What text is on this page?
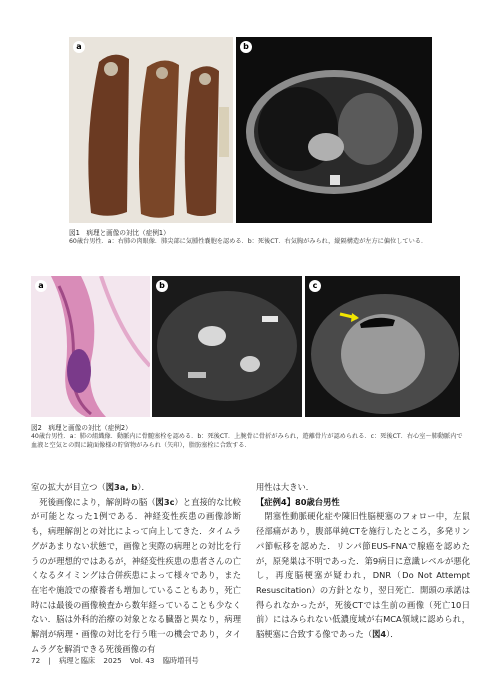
a	b
図1　病理と画像の対比（症例1）
60歳台男性．a：右肺の肉眼像．肺尖部に気腫性嚢胞を認める．b：死後CT．右気胸がみられ，縦隔構造が左方に偏位している．
a	b	c
図2　病理と画像の対比（症例2）
40歳台男性．a：肺の組織像．動脈内に骨髄塞栓を認める．b：死後CT．上腕骨に骨折がみられ，遊離骨片が認められる．c：死後CT．右心室〜肺動脈内で血液と空気との間に鏡面像様の貯留物がみられ（矢印），脂肪塞栓に合致する．

室の拡大が目立つ（図3a, b）．

死後画像により，解剖時の脳（図3c）と直接的な比較が可能となった1例である．神経変性疾患の画像診断も，病理解剖との対比によって向上してきた．タイムラグがあまりない状態で，画像と実際の病理との対比を行うのが理想的ではあるが，神経変性疾患の患者さんの亡くなるタイミングは合併疾患によって様々であり，また在宅や施設での療養者も増加していることもあり，死亡時には最後の画像検査から数年経っていることも少なくない．脳は外科的治療の対象となる臓器と異なり，病理解剖が病理・画像の対比を行う唯一の機会であり，タイムラグを解消できる死後画像の有

用性は大きい．

【症例4】80歳台男性

閉塞性動脈硬化症や陳旧性脳梗塞のフォロー中，左鼠径部痛があり，腹部単純CTを施行したところ，多発リンパ節転移を認めた．リンパ節EUS-FNAで腺癌を認めたが，原発巣は不明であった．第9病日に意識レベルが悪化し，再度脳梗塞が疑われ，DNR（Do Not Attempt Resuscitation）の方針となり，翌日死亡．開頭の承諾は得られなかったが，死後CTでは生前の画像（死亡10日前）にはみられない低濃度域が右MCA領域に認められ，脳梗塞に合致する像であった（図4）．

72 | 病理と臨床 2025 Vol. 43 臨時増刊号
